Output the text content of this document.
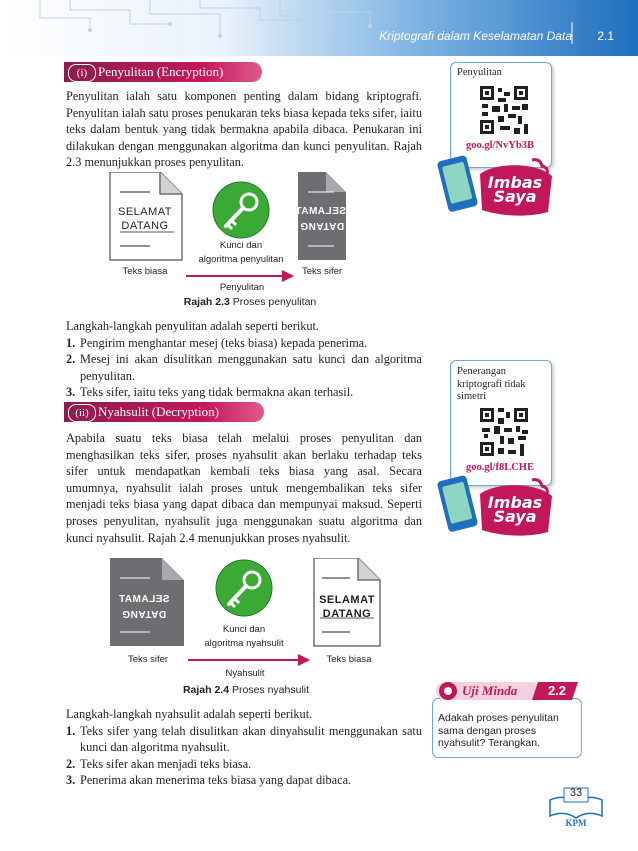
Kriptografi dalam Keselamatan Data 2.1
(i) Penyulitan (Encryption)
Penyulitan ialah satu komponen penting dalam bidang kriptografi. Penyulitan ialah satu proses penukaran teks biasa kepada teks sifer, iaitu teks dalam bentuk yang tidak bermakna apabila dibaca. Penukaran ini dilakukan dengan menggunakan algoritma dan kunci penyulitan. Rajah 2.3 menunjukkan proses penyulitan.
SELAMAT
DATANG
SELAMAT
DATANG
Kunci dan
algoritma penyulitan
Teks biasa	Teks sifer
Penyulitan
Rajah 2.3 Proses penyulitan
Langkah-langkah penyulitan adalah seperti berikut.
1. Pengirim menghantar mesej (teks biasa) kepada penerima.
2. Mesej ini akan disulitkan menggunakan satu kunci dan algoritma penyulitan.
3. Teks sifer, iaitu teks yang tidak bermakna akan terhasil.
(ii) Nyahsulit (Decryption)
Apabila suatu teks biasa telah melalui proses penyulitan dan menghasilkan teks sifer, proses nyahsulit akan berlaku terhadap teks sifer untuk mendapatkan kembali teks biasa yang asal. Secara umumnya, nyahsulit ialah proses untuk mengembalikan teks sifer menjadi teks biasa yang dapat dibaca dan mempunyai maksud. Seperti proses penyulitan, nyahsulit juga menggunakan suatu algoritma dan kunci nyahsulit. Rajah 2.4 menunjukkan proses nyahsulit.
SELAMAT
DATANG
SELAMAT
DATANG
Kunci dan
algoritma nyahsulit
Teks sifer	Teks biasa
Nyahsulit
Rajah 2.4 Proses nyahsulit
Langkah-langkah nyahsulit adalah seperti berikut.
1. Teks sifer yang telah disulitkan akan dinyahsulit menggunakan satu kunci dan algoritma nyahsulit.
2. Teks sifer akan menjadi teks biasa.
3. Penerima akan menerima teks biasa yang dapat dibaca.
Penyulitan
goo.gl/NvYb3B
Imbas
Saya
Penerangan kriptografi tidak simetri
goo.gl/f8LCHE
Imbas
Saya
Uji Minda	2.2
Adakah proses penyulitan sama dengan proses nyahsulit? Terangkan.
33
KPM
